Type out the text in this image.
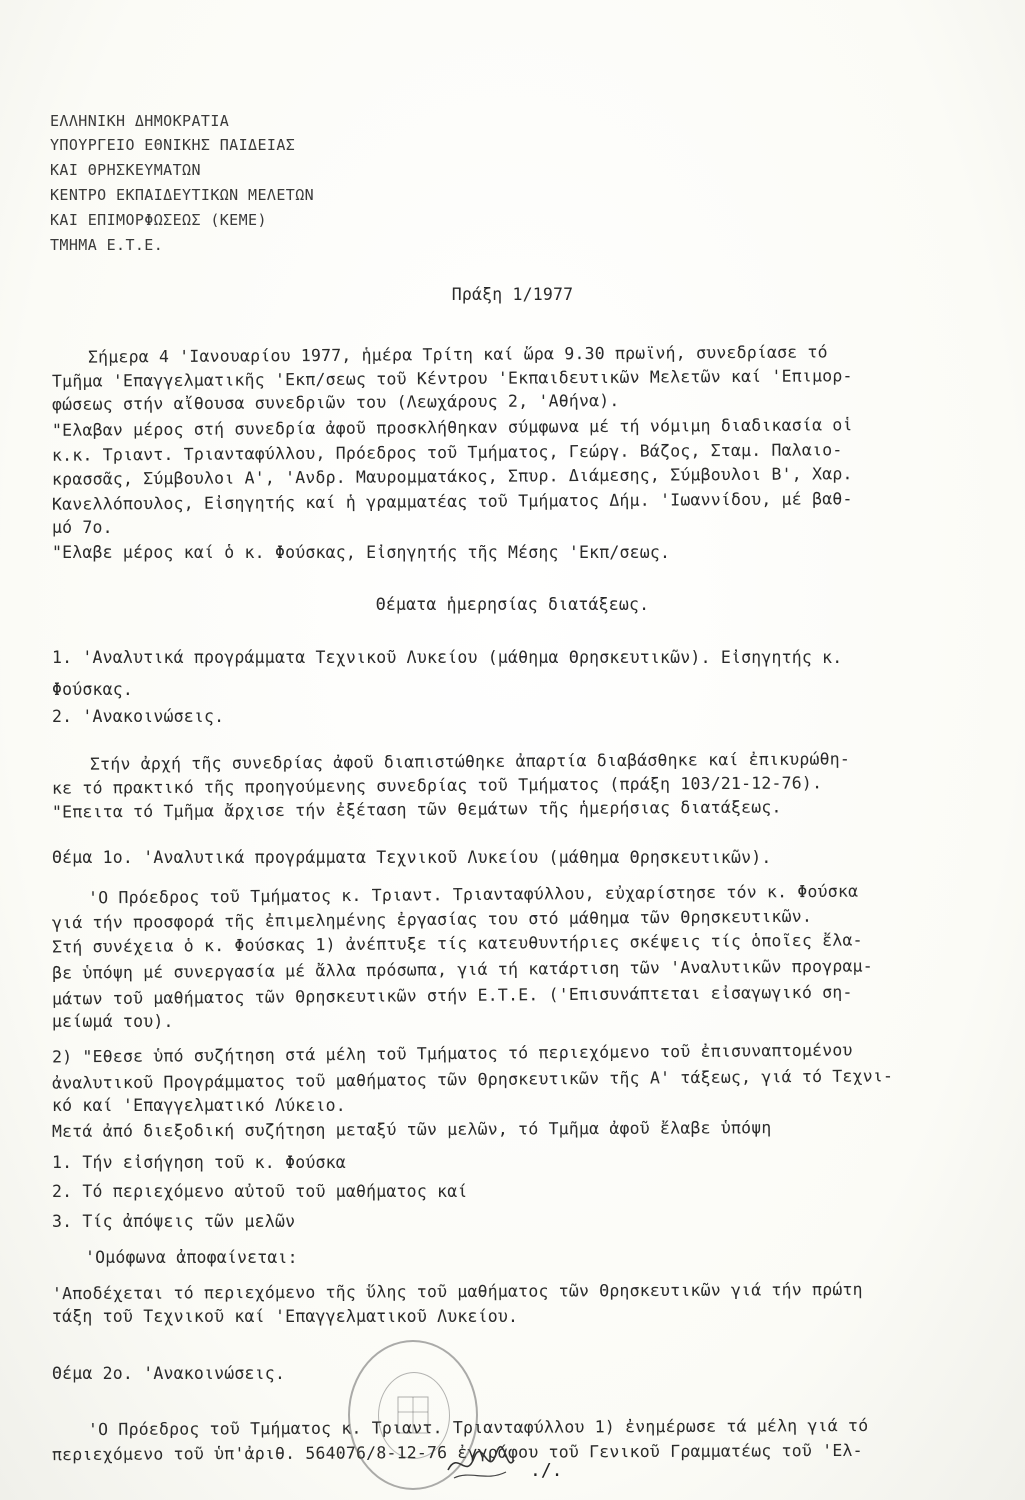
ΕΛΛΗΝΙΚΗ ΔΗΜΟΚΡΑΤΙΑ
ΥΠΟΥΡΓΕΙΟ ΕΘΝΙΚΗΣ ΠΑΙΔΕΙΑΣ
ΚΑΙ ΘΡΗΣΚΕΥΜΑΤΩΝ
ΚΕΝΤΡΟ ΕΚΠΑΙΔΕΥΤΙΚΩΝ ΜΕΛΕΤΩΝ
ΚΑΙ ΕΠΙΜΟΡΦΩΣΕΩΣ (ΚΕΜΕ)
ΤΜΗΜΑ Ε.Τ.Ε.
Πράξη 1/1977
Σήμερα 4 'Ιανουαρίου 1977, ἡμέρα Τρίτη καί ὥρα 9.30 πρωϊνή, συνεδρίασε τό
Τμῆμα 'Επαγγελματικῆς 'Εκπ/σεως τοῦ Κέντρου 'Εκπαιδευτικῶν Μελετῶν καί 'Επιμορ-
φώσεως στήν αἴθουσα συνεδριῶν του (Λεωχάρους 2, 'Αθήνα).
"Ελαβαν μέρος στή συνεδρία ἀφοῦ προσκλήθηκαν σύμφωνα μέ τή νόμιμη διαδικασία οἱ
κ.κ. Τριαντ. Τριανταφύλλου, Πρόεδρος τοῦ Τμήματος, Γεώργ. Βάζος, Σταμ. Παλαιο-
κρασσᾶς, Σύμβουλοι Α', 'Ανδρ. Μαυρομματάκος, Σπυρ. Διάμεσης, Σύμβουλοι Β', Χαρ.
Κανελλόπουλος, Εἰσηγητής καί ἡ γραμματέας τοῦ Τμήματος Δήμ. 'Ιωαννίδου, μέ βαθ-
μό 7ο.
"Ελαβε μέρος καί ὁ κ. Φούσκας, Εἰσηγητής τῆς Μέσης 'Εκπ/σεως.
Θέματα ἡμερησίας διατάξεως.
1. 'Αναλυτικά προγράμματα Τεχνικοῦ Λυκείου (μάθημα Θρησκευτικῶν). Εἰσηγητής κ.
Φούσκας.
2. 'Ανακοινώσεις.
Στήν ἀρχή τῆς συνεδρίας ἀφοῦ διαπιστώθηκε ἀπαρτία διαβάσθηκε καί ἐπικυρώθη-
κε τό πρακτικό τῆς προηγούμενης συνεδρίας τοῦ Τμήματος (πράξη 103/21-12-76).
"Επειτα τό Τμῆμα ἄρχισε τήν ἐξέταση τῶν θεμάτων τῆς ἡμερήσιας διατάξεως.
Θέμα 1ο. 'Αναλυτικά προγράμματα Τεχνικοῦ Λυκείου (μάθημα Θρησκευτικῶν).
'Ο Πρόεδρος τοῦ Τμήματος κ. Τριαντ. Τριανταφύλλου, εὐχαρίστησε τόν κ. Φούσκα
γιά τήν προσφορά τῆς ἐπιμελημένης ἐργασίας του στό μάθημα τῶν Θρησκευτικῶν.
Στή συνέχεια ὁ κ. Φούσκας 1) ἀνέπτυξε τίς κατευθυντήριες σκέψεις τίς ὁποῖες ἔλα-
βε ὑπόψη μέ συνεργασία μέ ἄλλα πρόσωπα, γιά τή κατάρτιση τῶν 'Αναλυτικῶν προγραμ-
μάτων τοῦ μαθήματος τῶν Θρησκευτικῶν στήν Ε.Τ.Ε. ('Επισυνάπτεται εἰσαγωγικό ση-
μείωμά του).
2) "Εθεσε ὑπό συζήτηση στά μέλη τοῦ Τμήματος τό περιεχόμενο τοῦ ἐπισυναπτομένου
ἀναλυτικοῦ Προγράμματος τοῦ μαθήματος τῶν Θρησκευτικῶν τῆς Α' τάξεως, γιά τό Τεχνι-
κό καί 'Επαγγελματικό Λύκειο.
Μετά ἀπό διεξοδική συζήτηση μεταξύ τῶν μελῶν, τό Τμῆμα ἀφοῦ ἔλαβε ὑπόψη
1. Τήν εἰσήγηση τοῦ κ. Φούσκα
2. Τό περιεχόμενο αὐτοῦ τοῦ μαθήματος καί
3. Τίς ἀπόψεις τῶν μελῶν
'Ομόφωνα ἀποφαίνεται:
'Αποδέχεται τό περιεχόμενο τῆς ὕλης τοῦ μαθήματος τῶν Θρησκευτικῶν γιά τήν πρώτη
τάξη τοῦ Τεχνικοῦ καί 'Επαγγελματικοῦ Λυκείου.
Θέμα 2ο. 'Ανακοινώσεις.
'Ο Πρόεδρος τοῦ Τμήματος κ. Τριαντ. Τριανταφύλλου 1) ἐνημέρωσε τά μέλη γιά τό
περιεχόμενο τοῦ ὑπ'ἀριθ. 564076/8-12-76 ἐγγράφου τοῦ Γενικοῦ Γραμματέως τοῦ 'Ελ-
./.
